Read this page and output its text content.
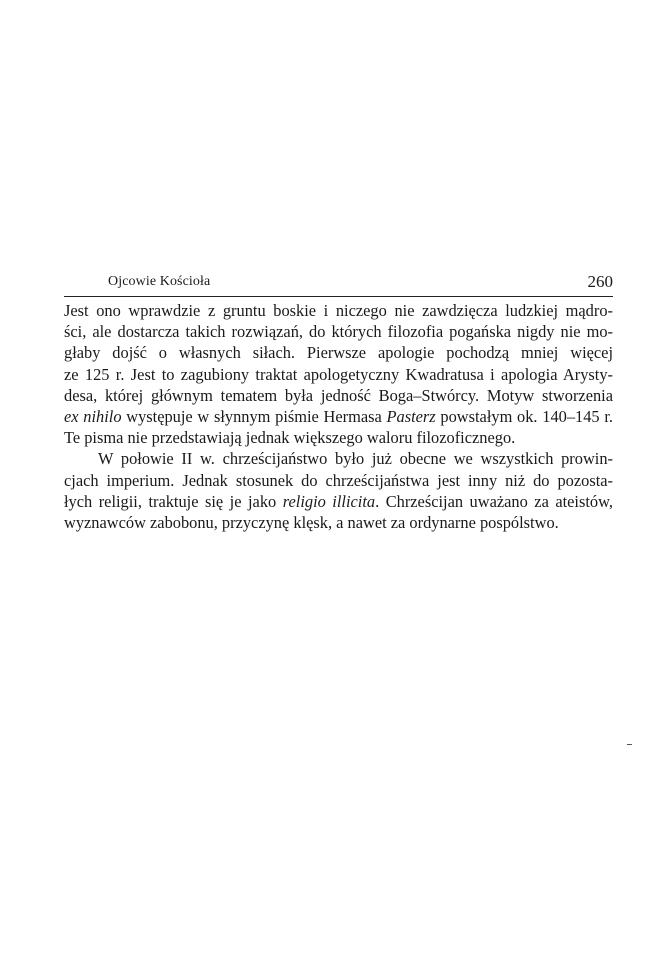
Ojcowie Kościoła	260
Jest ono wprawdzie z gruntu boskie i niczego nie zawdzięcza ludzkiej mądro-
ści, ale dostarcza takich rozwiązań, do których filozofia pogańska nigdy nie mo-
głaby dojść o własnych siłach. Pierwsze apologie pochodzą mniej więcej
ze 125 r. Jest to zagubiony traktat apologetyczny Kwadratusa i apologia Arysty-
desa, której głównym tematem była jedność Boga–Stwórcy. Motyw stworzenia
ex nihilo występuje w słynnym piśmie Hermasa Pasterz powstałym ok. 140–145 r.
Te pisma nie przedstawiają jednak większego waloru filozoficznego.
W połowie II w. chrześcijaństwo było już obecne we wszystkich prowin-
cjach imperium. Jednak stosunek do chrześcijaństwa jest inny niż do pozosta-
łych religii, traktuje się je jako religio illicita. Chrześcijan uważano za ateistów,
wyznawców zabobonu, przyczynę klęsk, a nawet za ordynarne pospólstwo.
